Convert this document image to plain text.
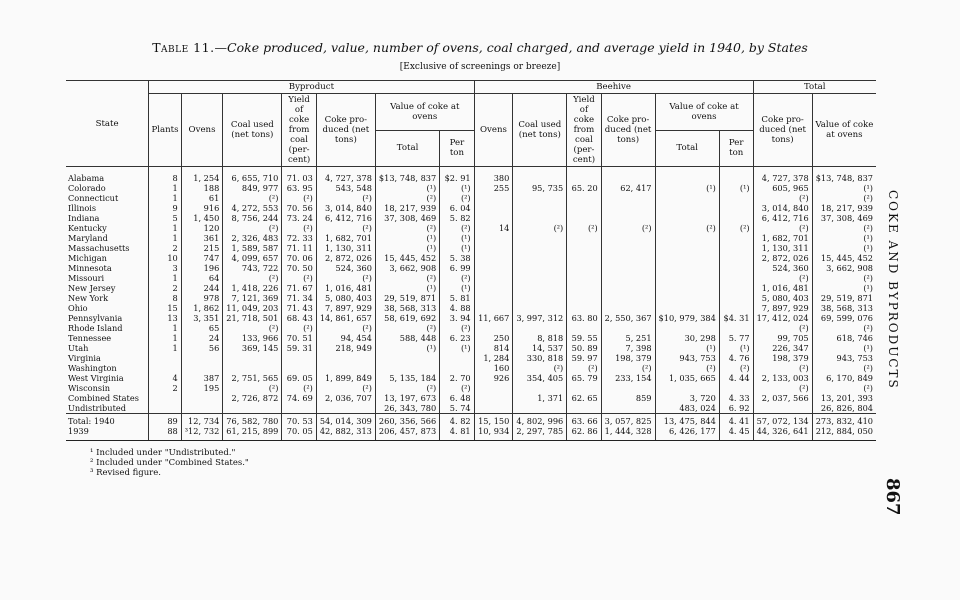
Table 11.—Coke produced, value, number of ovens, coal charged, and average yield in 1940, by States
[Exclusive of screenings or breeze]
State	Byproduct							Beehive						Total	
	Plants	Ovens	Coal used (net tons)	Yield of coke from coal (per- cent)	Coke pro- duced (net tons)	Value of coke at ovens		Ovens	Coal used (net tons)	Yield of coke from coal (per- cent)	Coke pro- duced (net tons)	Value of coke at ovens		Coke pro- duced (net tons)	Value of coke at ovens
						Total	Per ton					Total	Per ton		
Alabama	8	1, 254	6, 655, 710	71. 03	4, 727, 378	$13, 748, 837	$2. 91	380						4, 727, 378	$13, 748, 837
Colorado	1	188	849, 977	63. 95	543, 548	(¹)	(¹)	255	95, 735	65. 20	62, 417	(¹)	(¹)	605, 965	(¹)
Connecticut	1	61	(²)	(²)	(²)	(²)	(²)							(²)	(²)
Illinois	9	916	4, 272, 553	70. 56	3, 014, 840	18, 217, 939	6. 04							3, 014, 840	18, 217, 939
Indiana	5	1, 450	8, 756, 244	73. 24	6, 412, 716	37, 308, 469	5. 82							6, 412, 716	37, 308, 469
Kentucky	1	120	(²)	(²)	(²)	(²)	(²)	14	(²)	(²)	(²)	(²)	(²)	(²)	(²)
Maryland	1	361	2, 326, 483	72. 33	1, 682, 701	(¹)	(¹)							1, 682, 701	(¹)
Massachusetts	2	215	1, 589, 587	71. 11	1, 130, 311	(¹)	(¹)							1, 130, 311	(¹)
Michigan	10	747	4, 099, 657	70. 06	2, 872, 026	15, 445, 452	5. 38							2, 872, 026	15, 445, 452
Minnesota	3	196	743, 722	70. 50	524, 360	3, 662, 908	6. 99							524, 360	3, 662, 908
Missouri	1	64	(²)	(²)	(²)	(²)	(²)							(²)	(²)
New Jersey	2	244	1, 418, 226	71. 67	1, 016, 481	(¹)	(¹)							1, 016, 481	(¹)
New York	8	978	7, 121, 369	71. 34	5, 080, 403	29, 519, 871	5. 81							5, 080, 403	29, 519, 871
Ohio	15	1, 862	11, 049, 203	71. 43	7, 897, 929	38, 568, 313	4. 88							7, 897, 929	38, 568, 313
Pennsylvania	13	3, 351	21, 718, 501	68. 43	14, 861, 657	58, 619, 692	3. 94	11, 667	3, 997, 312	63. 80	2, 550, 367	$10, 979, 384	$4. 31	17, 412, 024	69, 599, 076
Rhode Island	1	65	(²)	(²)	(²)	(²)	(²)							(²)	(²)
Tennessee	1	24	133, 966	70. 51	94, 454	588, 448	6. 23	250	8, 818	59. 55	5, 251	30, 298	5. 77	99, 705	618, 746
Utah	1	56	369, 145	59. 31	218, 949	(¹)	(¹)	814	14, 537	50. 89	7, 398	(¹)	(¹)	226, 347	(¹)
Virginia								1, 284	330, 818	59. 97	198, 379	943, 753	4. 76	198, 379	943, 753
Washington								160	(²)	(²)	(²)	(²)	(²)	(²)	(²)
West Virginia	4	387	2, 751, 565	69. 05	1, 899, 849	5, 135, 184	2. 70	926	354, 405	65. 79	233, 154	1, 035, 665	4. 44	2, 133, 003	6, 170, 849
Wisconsin	2	195	(²)	(²)	(²)	(²)	(²)							(²)	(²)
Combined States			2, 726, 872	74. 69	2, 036, 707	13, 197, 673	6. 48		1, 371	62. 65	859	3, 720	4. 33	2, 037, 566	13, 201, 393
Undistributed						26, 343, 780	5. 74					483, 024	6. 92		26, 826, 804
Total: 1940	89	12, 734	76, 582, 780	70. 53	54, 014, 309	260, 356, 566	4. 82	15, 150	4, 802, 996	63. 66	3, 057, 825	13, 475, 844	4. 41	57, 072, 134	273, 832, 410
1939	88	³12, 732	61, 215, 899	70. 05	42, 882, 313	206, 457, 873	4. 81	10, 934	2, 297, 785	62. 86	1, 444, 328	6, 426, 177	4. 45	44, 326, 641	212, 884, 050
¹ Included under "Undistributed."
² Included under "Combined States."
³ Revised figure.
COKE AND BYPRODUCTS
867
